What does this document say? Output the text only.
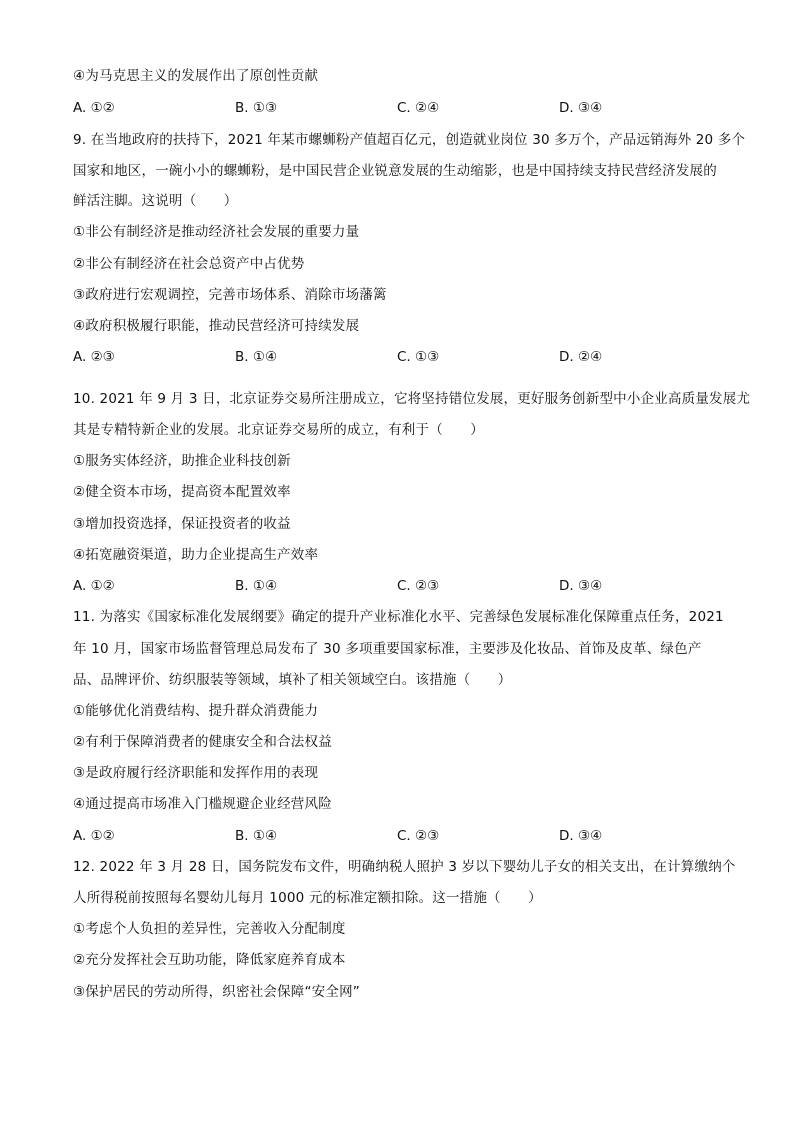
④为马克思主义的发展作出了原创性贡献
A. ①②	B. ①③	C. ②④	D. ③④
9. 在当地政府的扶持下，2021 年某市螺蛳粉产值超百亿元，创造就业岗位 30 多万个，产品远销海外 20 多个
国家和地区，一碗小小的螺蛳粉，是中国民营企业锐意发展的生动缩影，也是中国持续支持民营经济发展的
鲜活注脚。这说明（　　）
①非公有制经济是推动经济社会发展的重要力量
②非公有制经济在社会总资产中占优势
③政府进行宏观调控，完善市场体系、消除市场藩篱
④政府积极履行职能，推动民营经济可持续发展
A. ②③	B. ①④	C. ①③	D. ②④
10. 2021 年 9 月 3 日，北京证券交易所注册成立，它将坚持错位发展，更好服务创新型中小企业高质量发展尤
其是专精特新企业的发展。北京证券交易所的成立，有利于（　　）
①服务实体经济，助推企业科技创新
②健全资本市场，提高资本配置效率
③增加投资选择，保证投资者的收益
④拓宽融资渠道，助力企业提高生产效率
A. ①②	B. ①④	C. ②③	D. ③④
11. 为落实《国家标准化发展纲要》确定的提升产业标准化水平、完善绿色发展标准化保障重点任务，2021
年 10 月，国家市场监督管理总局发布了 30 多项重要国家标准，主要涉及化妆品、首饰及皮革、绿色产
品、品牌评价、纺织服装等领域，填补了相关领域空白。该措施（　　）
①能够优化消费结构、提升群众消费能力
②有利于保障消费者的健康安全和合法权益
③是政府履行经济职能和发挥作用的表现
④通过提高市场准入门槛规避企业经营风险
A. ①②	B. ①④	C. ②③	D. ③④
12. 2022 年 3 月 28 日，国务院发布文件，明确纳税人照护 3 岁以下婴幼儿子女的相关支出，在计算缴纳个
人所得税前按照每名婴幼儿每月 1000 元的标准定额扣除。这一措施（　　）
①考虑个人负担的差异性，完善收入分配制度
②充分发挥社会互助功能，降低家庭养育成本
③保护居民的劳动所得，织密社会保障“安全网”
